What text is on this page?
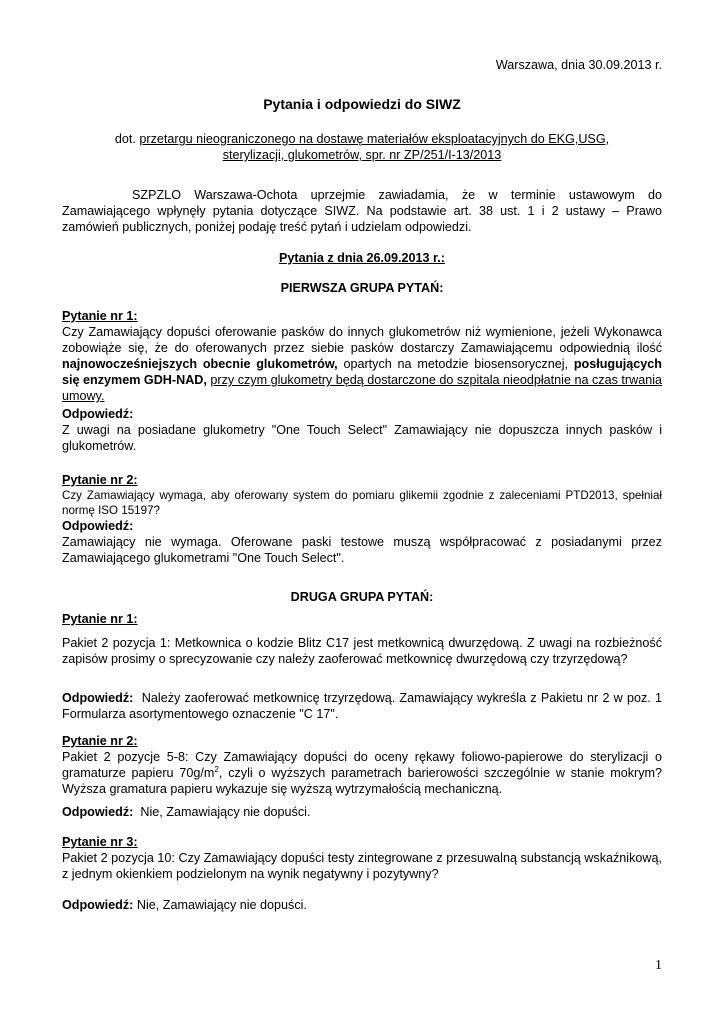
Warszawa, dnia 30.09.2013 r.
Pytania i odpowiedzi do SIWZ
dot. przetargu nieograniczonego na dostawę materiałów eksploatacyjnych do EKG,USG,
sterylizacji, glukometrów, spr. nr ZP/251/I-13/2013
SZPZLO Warszawa-Ochota uprzejmie zawiadamia, że w terminie ustawowym do Zamawiającego wpłynęły pytania dotyczące SIWZ. Na podstawie art. 38 ust. 1 i 2 ustawy – Prawo zamówień publicznych, poniżej podaję treść pytań i udzielam odpowiedzi.
Pytania z dnia 26.09.2013 r.:
PIERWSZA GRUPA PYTAŃ:
Pytanie nr 1:
Czy Zamawiający dopuści oferowanie pasków do innych glukometrów niż wymienione, jeżeli Wykonawca zobowiąże się, że do oferowanych przez siebie pasków dostarczy Zamawiającemu odpowiednią ilość najnowocześniejszych obecnie glukometrów, opartych na metodzie biosensorycznej, posługujących się enzymem GDH-NAD, przy czym glukometry będą dostarczone do szpitala nieodpłatnie na czas trwania umowy.
Odpowiedź:
Z uwagi na posiadane glukometry "One Touch Select" Zamawiający nie dopuszcza innych pasków i glukometrów.
Pytanie nr 2:
Czy Zamawiający wymaga, aby oferowany system do pomiaru glikemii zgodnie z zaleceniami PTD2013, spełniał normę ISO 15197?
Odpowiedź:
Zamawiający nie wymaga. Oferowane paski testowe muszą współpracować z posiadanymi przez Zamawiającego glukometrami "One Touch Select".
DRUGA GRUPA PYTAŃ:
Pytanie nr 1:
Pakiet 2 pozycja 1: Metkownica o kodzie Blitz C17 jest metkownicą dwurzędową. Z uwagi na rozbieżność zapisów prosimy o sprecyzowanie czy należy zaoferować metkownicę dwurzędową czy trzyrzędową?
Odpowiedź: Należy zaoferować metkownicę trzyrzędową. Zamawiający wykreśla z Pakietu nr 2 w poz. 1 Formularza asortymentowego oznaczenie "C 17".
Pytanie nr 2:
Pakiet 2 pozycje 5-8: Czy Zamawiający dopuści do oceny rękawy foliowo-papierowe do sterylizacji o gramaturze papieru $70g/m^2$, czyli o wyższych parametrach barierowości szczególnie w stanie mokrym? Wyższa gramatura papieru wykazuje się wyższą wytrzymałością mechaniczną.
Odpowiedź: Nie, Zamawiający nie dopuści.
Pytanie nr 3:
Pakiet 2 pozycja 10: Czy Zamawiający dopuści testy zintegrowane z przesuwalną substancją wskaźnikową, z jednym okienkiem podzielonym na wynik negatywny i pozytywny?
Odpowiedź: Nie, Zamawiający nie dopuści.
1
